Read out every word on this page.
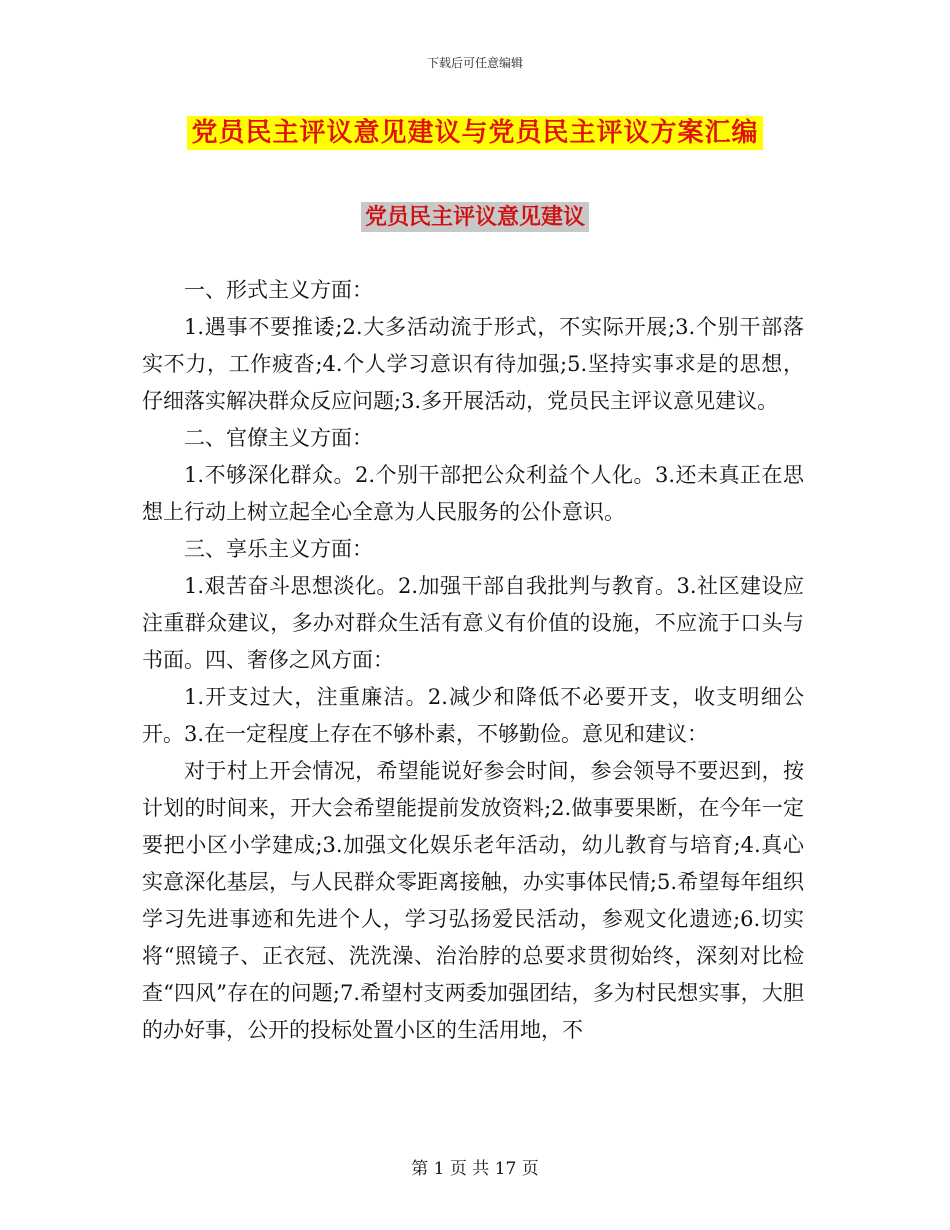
下载后可任意编辑
党员民主评议意见建议与党员民主评议方案汇编
党员民主评议意见建议

一、形式主义方面：

1.遇事不要推诿;2.大多活动流于形式，不实际开展;3.个别干部落实不力，工作疲沓;4.个人学习意识有待加强;5.坚持实事求是的思想，仔细落实解决群众反应问题;3.多开展活动，党员民主评议意见建议。

二、官僚主义方面：

1.不够深化群众。2.个别干部把公众利益个人化。3.还未真正在思想上行动上树立起全心全意为人民服务的公仆意识。

三、享乐主义方面：

1.艰苦奋斗思想淡化。2.加强干部自我批判与教育。3.社区建设应注重群众建议，多办对群众生活有意义有价值的设施，不应流于口头与书面。四、奢侈之风方面：

1.开支过大，注重廉洁。2.减少和降低不必要开支，收支明细公开。3.在一定程度上存在不够朴素，不够勤俭。意见和建议：

对于村上开会情况，希望能说好参会时间，参会领导不要迟到，按计划的时间来，开大会希望能提前发放资料;2.做事要果断，在今年一定要把小区小学建成;3.加强文化娱乐老年活动，幼儿教育与培育;4.真心实意深化基层，与人民群众零距离接触，办实事体民情;5.希望每年组织学习先进事迹和先进个人，学习弘扬爱民活动，参观文化遗迹;6.切实将“照镜子、正衣冠、洗洗澡、治治脖的总要求贯彻始终，深刻对比检查“四风”存在的问题;7.希望村支两委加强团结，多为村民想实事，大胆的办好事，公开的投标处置小区的生活用地，不

第 1 页 共 17 页
